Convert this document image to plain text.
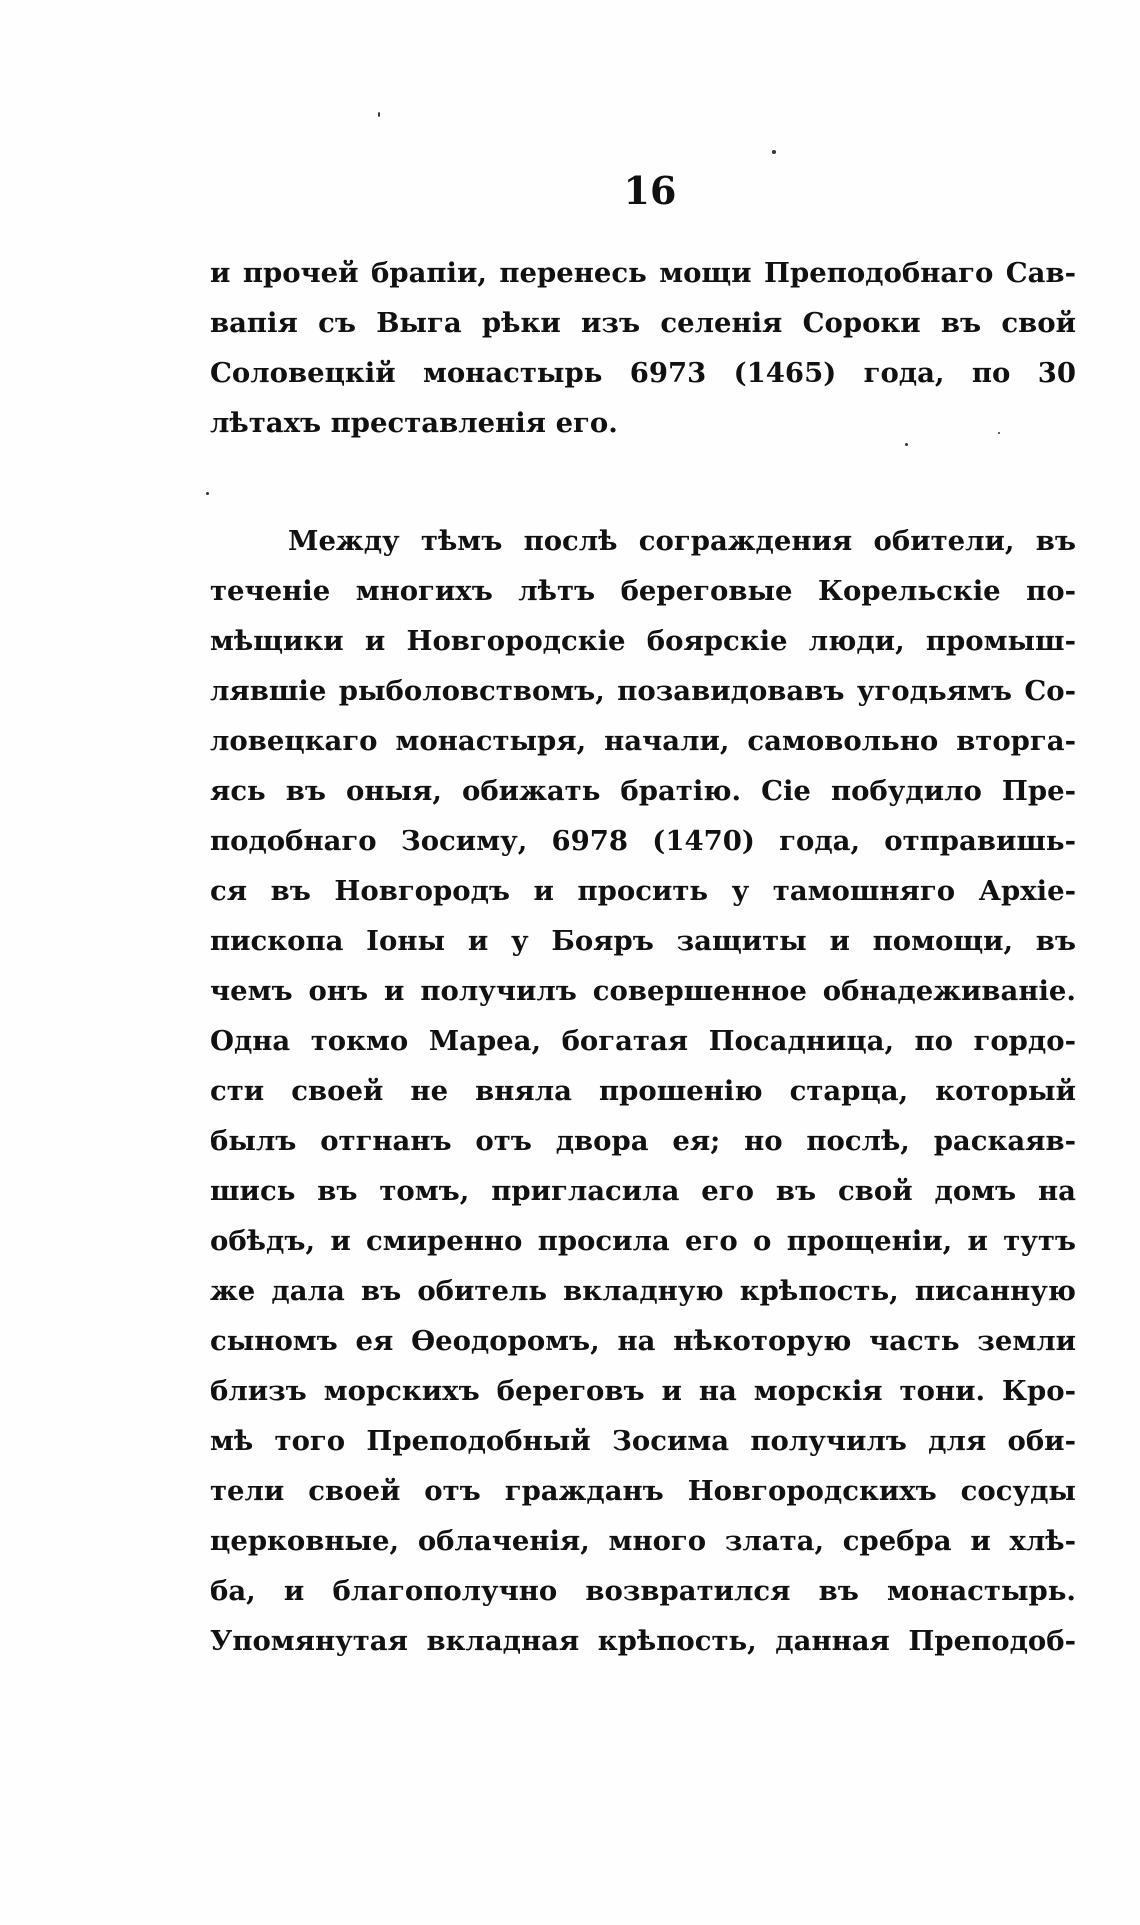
16
и прочей брапіи, перенесь мощи Преподобнаго Сав-
вапія съ Выга рѣки изъ селенія Сороки въ свой
Соловецкій монастырь 6973 (1465) года, по 30
лѣтахъ преставленія его.
Между тѣмъ послѣ сограждения обители, въ
теченіе многихъ лѣтъ береговые Корельскіе по-
мѣщики и Новгородскіе боярскіе люди, промыш-
лявшіе рыболовствомъ, позавидовавъ угодьямъ Со-
ловецкаго монастыря, начали, самовольно вторга-
ясь въ оныя, обижать братію. Сіе побудило Пре-
подобнаго Зосиму, 6978 (1470) года, отправишь-
ся въ Новгородъ и просить у тамошняго Архіе-
пископа Іоны и у Бояръ защиты и помощи, въ
чемъ онъ и получилъ совершенное обнадеживаніе.
Одна токмо Мареа, богатая Посадница, по гордо-
сти своей не вняла прошенію старца, который
былъ отгнанъ отъ двора ея; но послѣ, раскаяв-
шись въ томъ, пригласила его въ свой домъ на
обѣдъ, и смиренно просила его о прощеніи, и тутъ
же дала въ обитель вкладную крѣпость, писанную
сыномъ ея Өеодоромъ, на нѣкоторую часть земли
близъ морскихъ береговъ и на морскія тони. Кро-
мѣ того Преподобный Зосима получилъ для оби-
тели своей отъ гражданъ Новгородскихъ сосуды
церковные, облаченія, много злата, сребра и хлѣ-
ба, и благополучно возвратился въ монастырь.
Упомянутая вкладная крѣпость, данная Преподоб-
